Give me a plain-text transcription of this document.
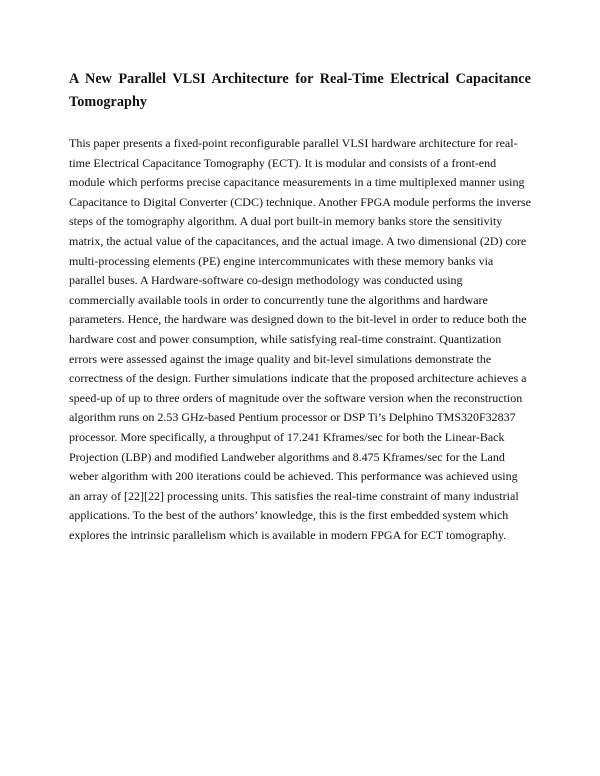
A New Parallel VLSI Architecture for Real-Time Electrical Capacitance Tomography

This paper presents a fixed-point reconfigurable parallel VLSI hardware architecture for real-time Electrical Capacitance Tomography (ECT). It is modular and consists of a front-end module which performs precise capacitance measurements in a time multiplexed manner using Capacitance to Digital Converter (CDC) technique. Another FPGA module performs the inverse steps of the tomography algorithm. A dual port built-in memory banks store the sensitivity matrix, the actual value of the capacitances, and the actual image. A two dimensional (2D) core multi-processing elements (PE) engine intercommunicates with these memory banks via parallel buses. A Hardware-software co-design methodology was conducted using commercially available tools in order to concurrently tune the algorithms and hardware parameters. Hence, the hardware was designed down to the bit-level in order to reduce both the hardware cost and power consumption, while satisfying real-time constraint. Quantization errors were assessed against the image quality and bit-level simulations demonstrate the correctness of the design. Further simulations indicate that the proposed architecture achieves a speed-up of up to three orders of magnitude over the software version when the reconstruction algorithm runs on 2.53 GHz-based Pentium processor or DSP Ti’s Delphino TMS320F32837 processor. More specifically, a throughput of 17.241 Kframes/sec for both the Linear-Back Projection (LBP) and modified Landweber algorithms and 8.475 Kframes/sec for the Land weber algorithm with 200 iterations could be achieved. This performance was achieved using an array of [22][22] processing units. This satisfies the real-time constraint of many industrial applications. To the best of the authors’ knowledge, this is the first embedded system which explores the intrinsic parallelism which is available in modern FPGA for ECT tomography.
